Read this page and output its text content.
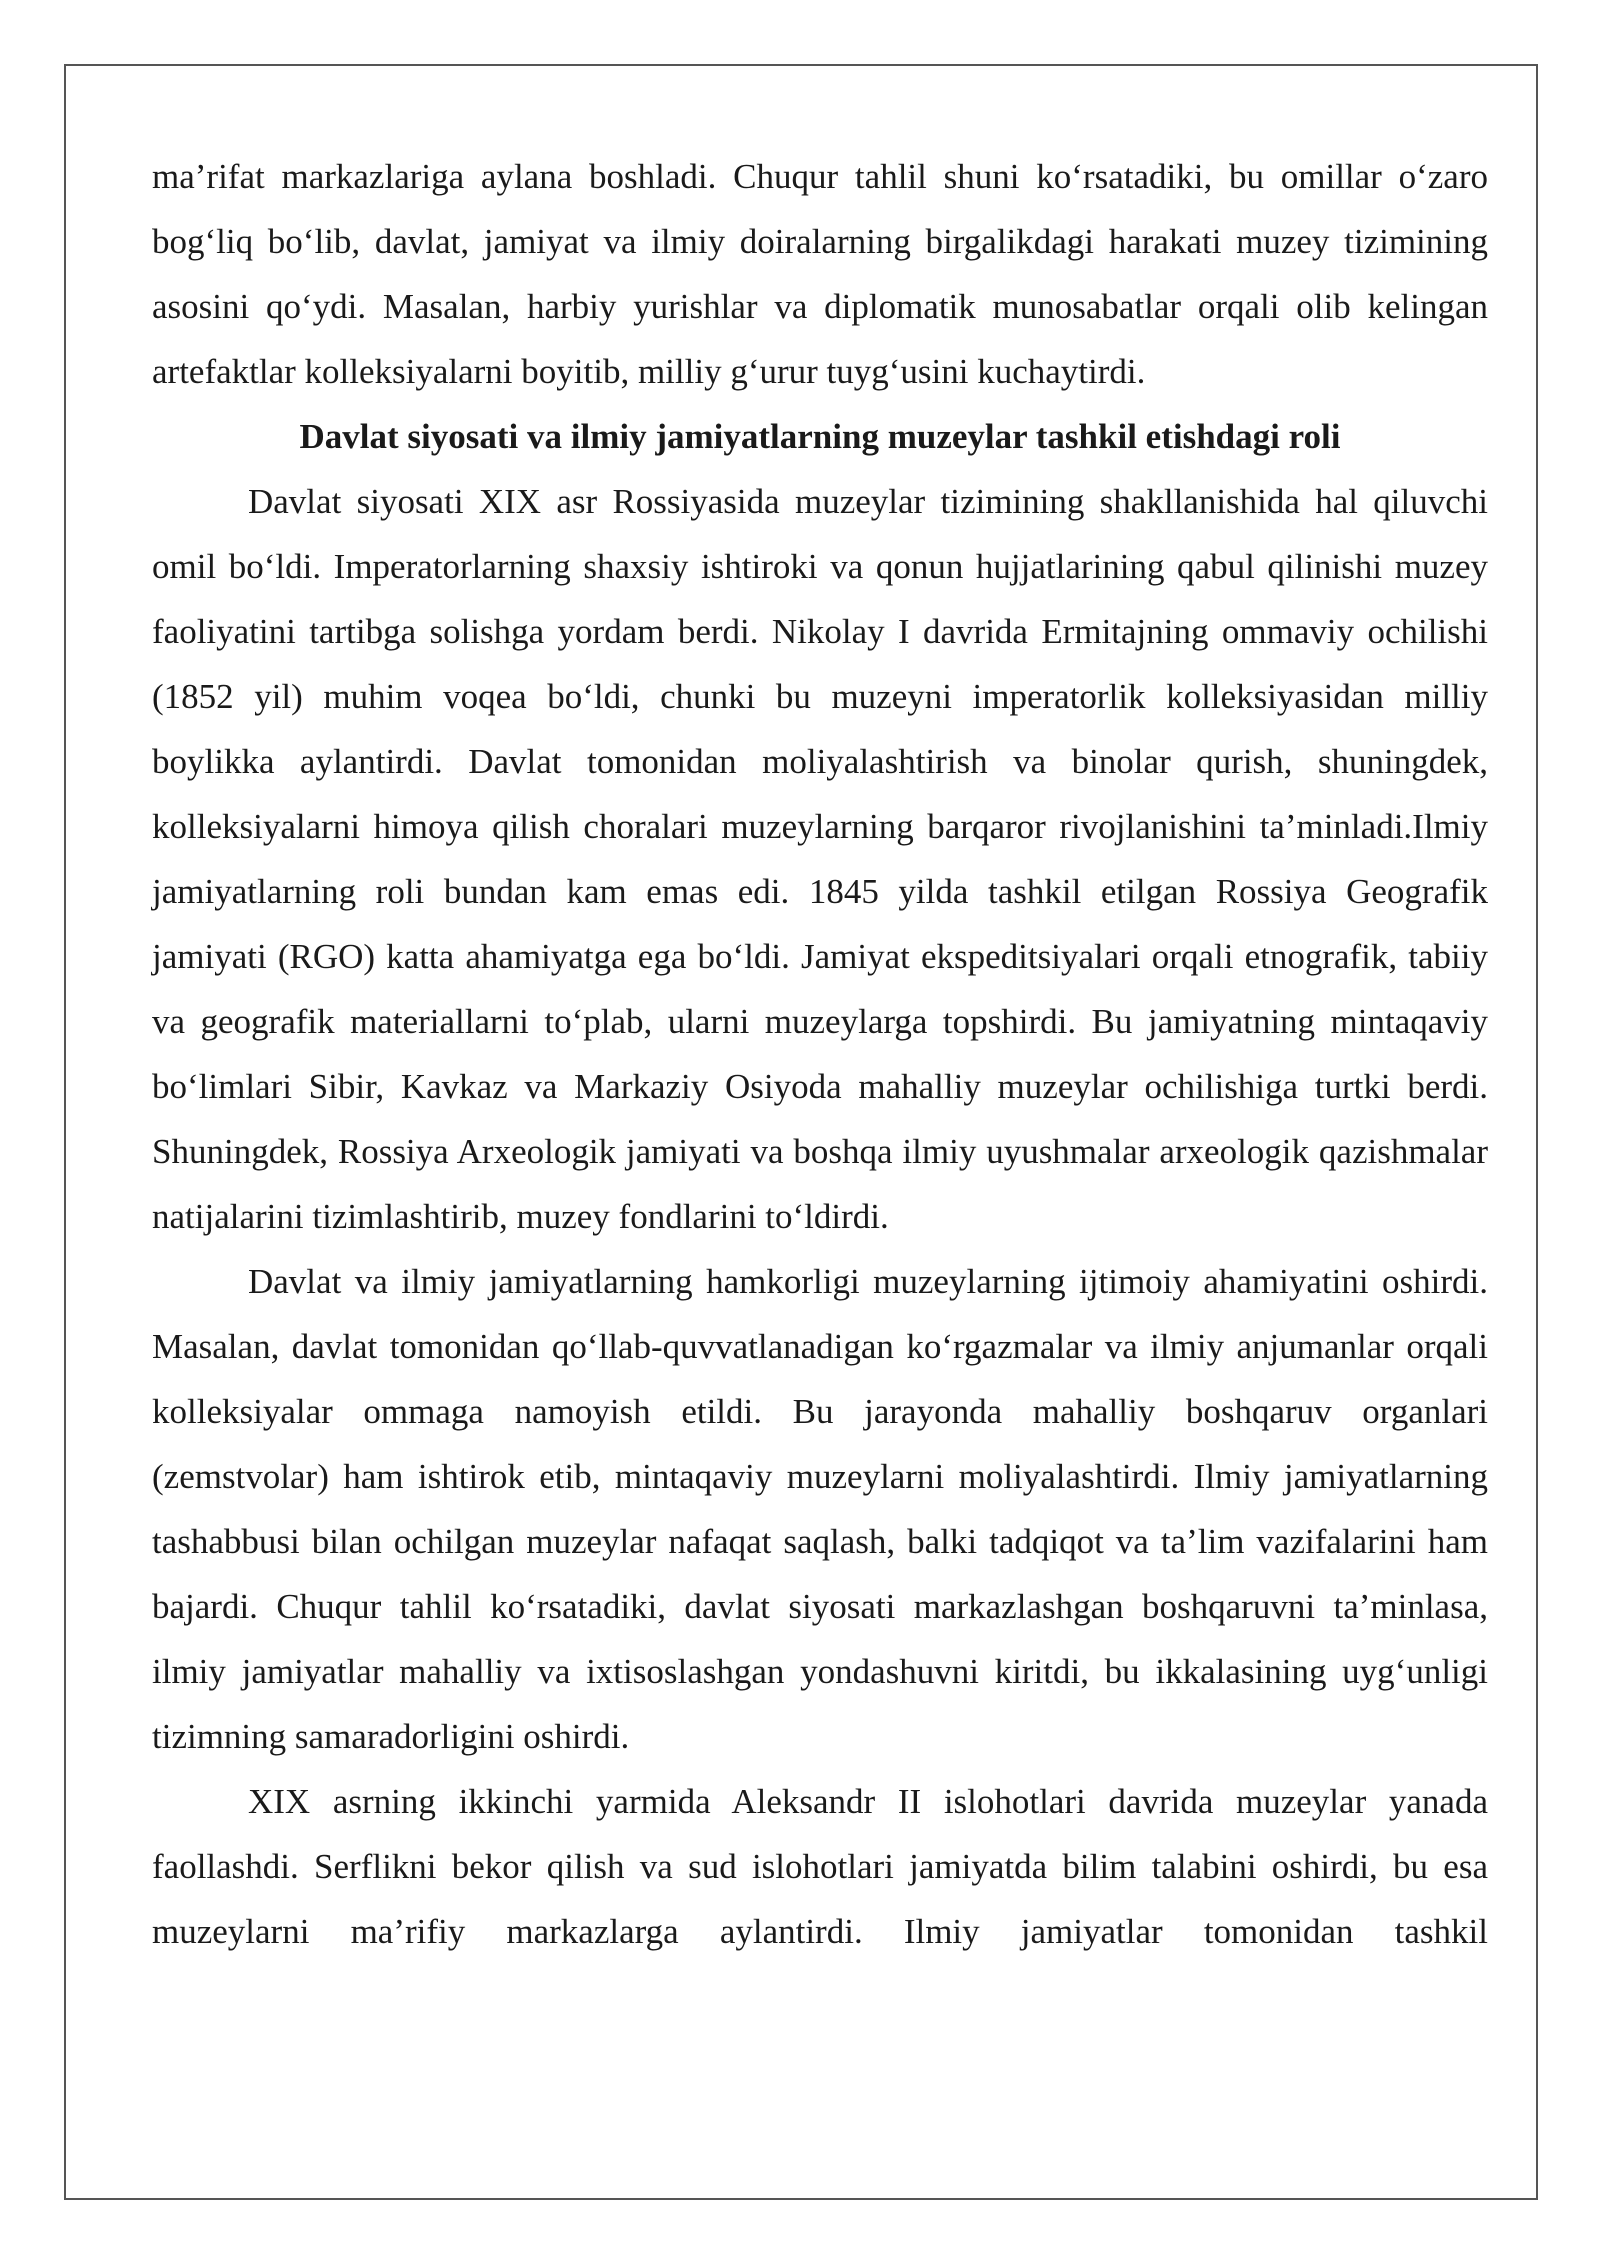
ma’rifat markazlariga aylana boshladi. Chuqur tahlil shuni ko‘rsatadiki, bu omillar o‘zaro bog‘liq bo‘lib, davlat, jamiyat va ilmiy doiralarning birgalikdagi harakati muzey tizimining asosini qo‘ydi. Masalan, harbiy yurishlar va diplomatik munosabatlar orqali olib kelingan artefaktlar kolleksiyalarni boyitib, milliy g‘urur tuyg‘usini kuchaytirdi.

Davlat siyosati va ilmiy jamiyatlarning muzeylar tashkil etishdagi roli

Davlat siyosati XIX asr Rossiyasida muzeylar tizimining shakllanishida hal qiluvchi omil bo‘ldi. Imperatorlarning shaxsiy ishtiroki va qonun hujjatlarining qabul qilinishi muzey faoliyatini tartibga solishga yordam berdi. Nikolay I davrida Ermitajning ommaviy ochilishi (1852 yil) muhim voqea bo‘ldi, chunki bu muzeyni imperatorlik kolleksiyasidan milliy boylikka aylantirdi. Davlat tomonidan moliyalashtirish va binolar qurish, shuningdek, kolleksiyalarni himoya qilish choralari muzeylarning barqaror rivojlanishini ta’minladi.Ilmiy jamiyatlarning roli bundan kam emas edi. 1845 yilda tashkil etilgan Rossiya Geografik jamiyati (RGO) katta ahamiyatga ega bo‘ldi. Jamiyat ekspeditsiyalari orqali etnografik, tabiiy va geografik materiallarni to‘plab, ularni muzeylarga topshirdi. Bu jamiyatning mintaqaviy bo‘limlari Sibir, Kavkaz va Markaziy Osiyoda mahalliy muzeylar ochilishiga turtki berdi. Shuningdek, Rossiya Arxeologik jamiyati va boshqa ilmiy uyushmalar arxeologik qazishmalar natijalarini tizimlashtirib, muzey fondlarini to‘ldirdi.

Davlat va ilmiy jamiyatlarning hamkorligi muzeylarning ijtimoiy ahamiyatini oshirdi. Masalan, davlat tomonidan qo‘llab-quvvatlanadigan ko‘rgazmalar va ilmiy anjumanlar orqali kolleksiyalar ommaga namoyish etildi. Bu jarayonda mahalliy boshqaruv organlari (zemstvolar) ham ishtirok etib, mintaqaviy muzeylarni moliyalashtirdi. Ilmiy jamiyatlarning tashabbusi bilan ochilgan muzeylar nafaqat saqlash, balki tadqiqot va ta’lim vazifalarini ham bajardi. Chuqur tahlil ko‘rsatadiki, davlat siyosati markazlashgan boshqaruvni ta’minlasa, ilmiy jamiyatlar mahalliy va ixtisoslashgan yondashuvni kiritdi, bu ikkalasining uyg‘unligi tizimning samaradorligini oshirdi.

XIX asrning ikkinchi yarmida Aleksandr II islohotlari davrida muzeylar yanada faollashdi. Serflikni bekor qilish va sud islohotlari jamiyatda bilim talabini oshirdi, bu esa muzeylarni ma’rifiy markazlarga aylantirdi. Ilmiy jamiyatlar tomonidan tashkil
